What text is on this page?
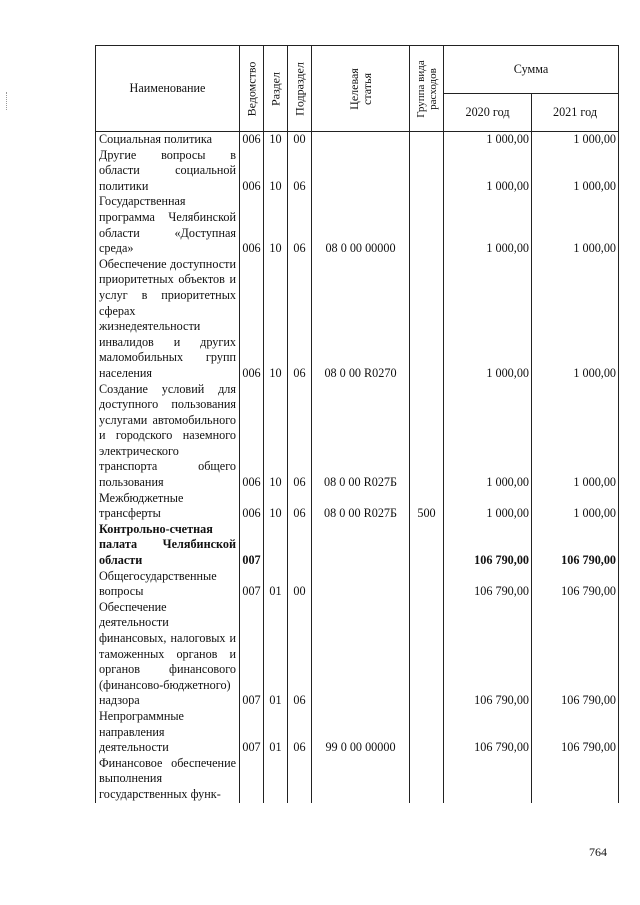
Наименование	Ведомство	Раздел	Подраздел	Целевая статья	Группа вида расходов	Сумма	
						2020 год	2021 год
Социальная политика	006	10	00			1 000,00	1 000,00
Другие вопросы в области социальной политики	006	10	06			1 000,00	1 000,00
Государственная программа Челябинской области «Доступная среда»	006	10	06	08 0 00 00000		1 000,00	1 000,00
Обеспечение доступности приоритетных объектов и услуг в приоритетных сферах жизнедеятельности инвалидов и других маломобильных групп населения	006	10	06	08 0 00 R0270		1 000,00	1 000,00
Создание условий для доступного пользования услугами автомобильного и городского наземного электрического транспорта общего пользования	006	10	06	08 0 00 R027Б		1 000,00	1 000,00
Межбюджетные трансферты	006	10	06	08 0 00 R027Б	500	1 000,00	1 000,00
Контрольно-счетная палата Челябинской области	007					106 790,00	106 790,00
Общегосударственные вопросы	007	01	00			106 790,00	106 790,00
Обеспечение деятельности финансовых, налоговых и таможенных органов и органов финансового (финансово-бюджетного) надзора	007	01	06			106 790,00	106 790,00
Непрограммные направления деятельности	007	01	06	99 0 00 00000		106 790,00	106 790,00
Финансовое обеспечение выполнения государственных функ-							
764
